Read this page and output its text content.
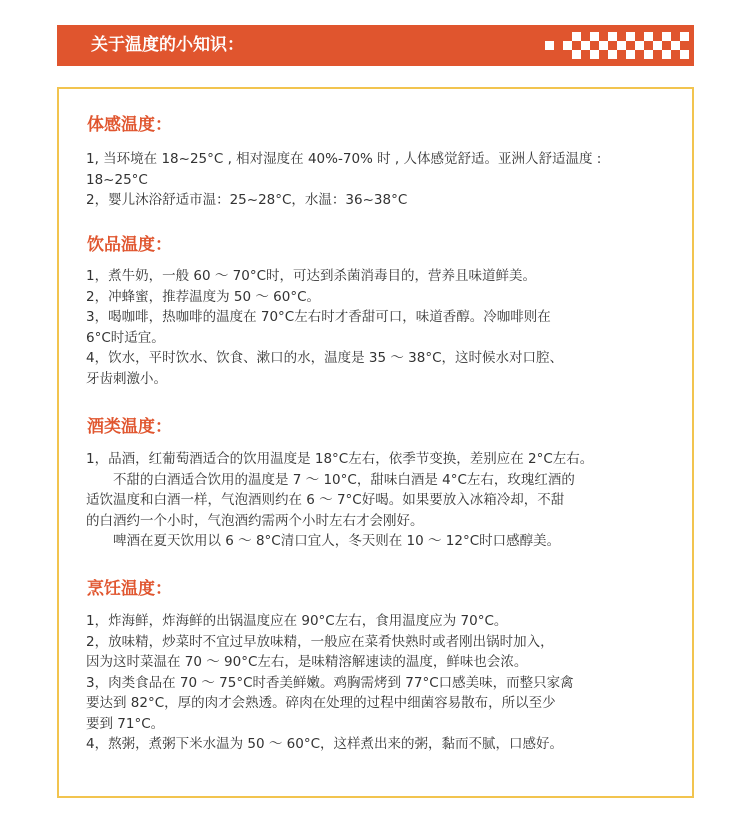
关于温度的小知识：
体感温度：
1, 当环境在 18~25°C , 相对湿度在 40%-70% 时 , 人体感觉舒适。亚洲人舒适温度 :
18~25°C
2，婴儿沐浴舒适市温：25~28°C，水温：36~38°C
饮品温度：
1，煮牛奶，一般 60 ～ 70°C时，可达到杀菌消毒目的，营养且味道鲜美。
2，冲蜂蜜，推荐温度为 50 ～ 60°C。
3，喝咖啡，热咖啡的温度在 70°C左右时才香甜可口，味道香醇。冷咖啡则在
6°C时适宜。
4，饮水，平时饮水、饮食、漱口的水，温度是 35 ～ 38°C，这时候水对口腔、
牙齿刺激小。
酒类温度：
1，品酒，红葡萄酒适合的饮用温度是 18°C左右，依季节变换，差别应在 2°C左右。
不甜的白酒适合饮用的温度是 7 ～ 10°C，甜味白酒是 4°C左右，玫瑰红酒的
适饮温度和白酒一样，气泡酒则约在 6 ～ 7°C好喝。如果要放入冰箱冷却，不甜
的白酒约一个小时，气泡酒约需两个小时左右才会刚好。
啤酒在夏天饮用以 6 ～ 8°C清口宜人，冬天则在 10 ～ 12°C时口感醇美。
烹饪温度：
1，炸海鲜，炸海鲜的出锅温度应在 90°C左右，食用温度应为 70°C。
2，放味精，炒菜时不宜过早放味精，一般应在菜肴快熟时或者刚出锅时加入，
因为这时菜温在 70 ～ 90°C左右，是味精溶解速读的温度，鲜味也会浓。
3，肉类食品在 70 ～ 75°C时香美鲜嫩。鸡胸需烤到 77°C口感美味，而整只家禽
要达到 82°C，厚的肉才会熟透。碎肉在处理的过程中细菌容易散布，所以至少
要到 71°C。
4，熬粥，煮粥下米水温为 50 ～ 60°C，这样煮出来的粥，黏而不腻，口感好。
